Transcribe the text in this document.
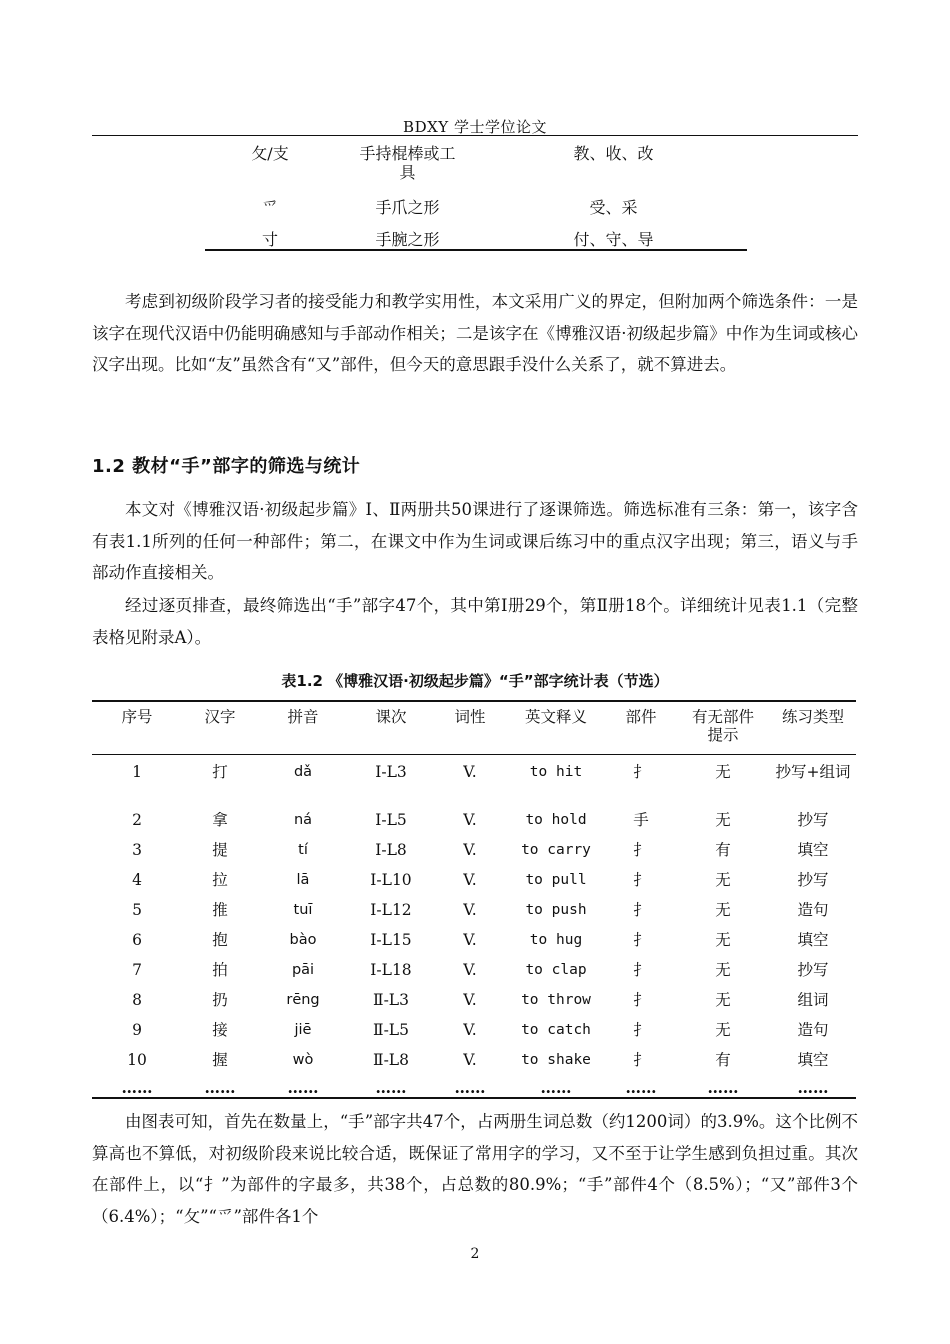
BDXY 学士学位论文
攵/支	手持棍棒或工具	教、收、改
爫	手爪之形	受、采
寸	手腕之形	付、守、导

考虑到初级阶段学习者的接受能力和教学实用性，本文采用广义的界定，但附加两个筛选条件：一是该字在现代汉语中仍能明确感知与手部动作相关；二是该字在《博雅汉语·初级起步篇》中作为生词或核心汉字出现。比如“友”虽然含有“又”部件，但今天的意思跟手没什么关系了，就不算进去。

1.2 教材“手”部字的筛选与统计

本文对《博雅汉语·初级起步篇》Ⅰ、Ⅱ两册共50课进行了逐课筛选。筛选标准有三条：第一，该字含有表1.1所列的任何一种部件；第二，在课文中作为生词或课后练习中的重点汉字出现；第三，语义与手部动作直接相关。

经过逐页排查，最终筛选出“手”部字47个，其中第Ⅰ册29个，第Ⅱ册18个。详细统计见表1.1（完整表格见附录A）。

表1.2 《博雅汉语·初级起步篇》“手”部字统计表（节选）
序号	汉字	拼音	课次	词性	英文释义	部件	有无部件提示	练习类型
1	打	dǎ	Ⅰ-L3	V.	to hit	扌	无	抄写+组词

2	拿	ná	Ⅰ-L5	V.	to hold	手	无	抄写

3	提	tí	Ⅰ-L8	V.	to carry	扌	有	填空

4	拉	lā	Ⅰ-L10	V.	to pull	扌	无	抄写

5	推	tuī	Ⅰ-L12	V.	to push	扌	无	造句

6	抱	bào	Ⅰ-L15	V.	to hug	扌	无	填空

7	拍	pāi	Ⅰ-L18	V.	to clap	扌	无	抄写

8	扔	rēng	Ⅱ-L3	V.	to throw	扌	无	组词

9	接	jiē	Ⅱ-L5	V.	to catch	扌	无	造句

10	握	wò	Ⅱ-L8	V.	to shake	扌	有	填空

……	……	……	……	……	……	……	……	……

由图表可知，首先在数量上，“手”部字共47个，占两册生词总数（约1200词）的3.9%。这个比例不算高也不算低，对初级阶段来说比较合适，既保证了常用字的学习，又不至于让学生感到负担过重。其次在部件上，以“扌”为部件的字最多，共38个，占总数的80.9%；“手”部件4个（8.5%）；“又”部件3个（6.4%）；“攵”“爫”部件各1个

2
